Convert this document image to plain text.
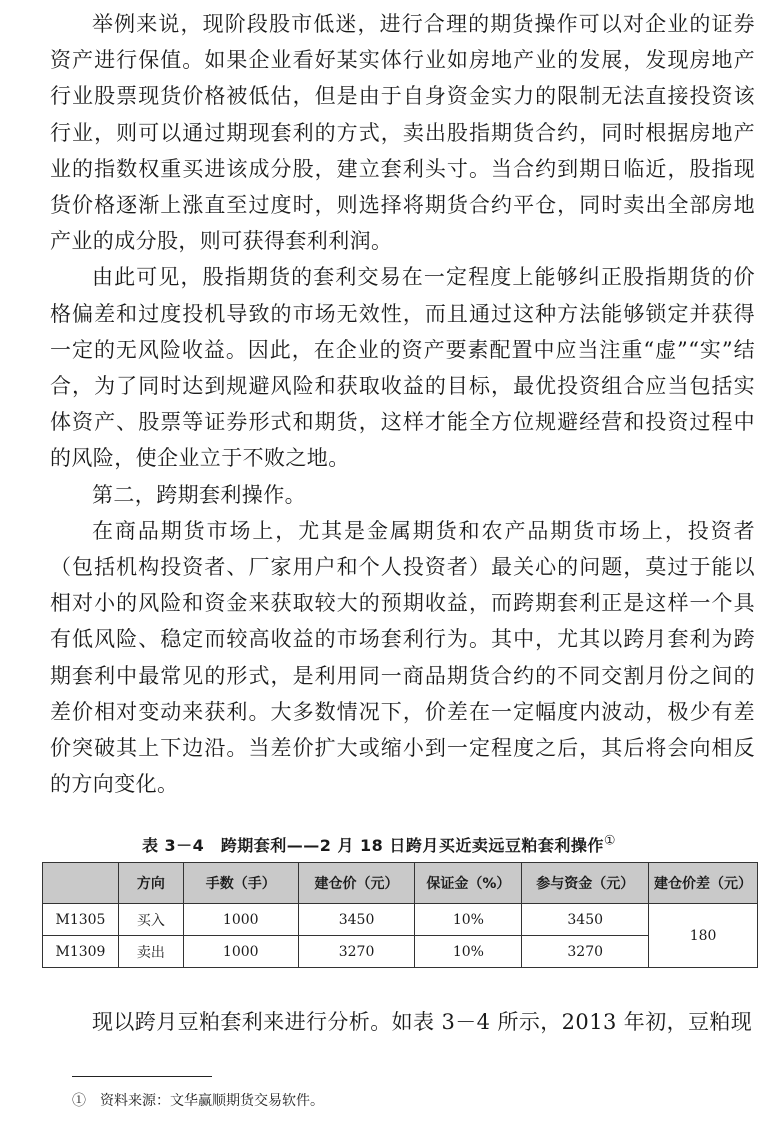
举例来说，现阶段股市低迷，进行合理的期货操作可以对企业的证券资产进行保值。如果企业看好某实体行业如房地产业的发展，发现房地产行业股票现货价格被低估，但是由于自身资金实力的限制无法直接投资该行业，则可以通过期现套利的方式，卖出股指期货合约，同时根据房地产业的指数权重买进该成分股，建立套利头寸。当合约到期日临近，股指现货价格逐渐上涨直至过度时，则选择将期货合约平仓，同时卖出全部房地产业的成分股，则可获得套利利润。

由此可见，股指期货的套利交易在一定程度上能够纠正股指期货的价格偏差和过度投机导致的市场无效性，而且通过这种方法能够锁定并获得一定的无风险收益。因此，在企业的资产要素配置中应当注重“虚”“实”结合，为了同时达到规避风险和获取收益的目标，最优投资组合应当包括实体资产、股票等证券形式和期货，这样才能全方位规避经营和投资过程中的风险，使企业立于不败之地。

第二，跨期套利操作。

在商品期货市场上，尤其是金属期货和农产品期货市场上，投资者（包括机构投资者、厂家用户和个人投资者）最关心的问题，莫过于能以相对小的风险和资金来获取较大的预期收益，而跨期套利正是这样一个具有低风险、稳定而较高收益的市场套利行为。其中，尤其以跨月套利为跨期套利中最常见的形式，是利用同一商品期货合约的不同交割月份之间的差价相对变动来获利。大多数情况下，价差在一定幅度内波动，极少有差价突破其上下边沿。当差价扩大或缩小到一定程度之后，其后将会向相反的方向变化。

表 3－4　跨期套利——2 月 18 日跨月买近卖远豆粕套利操作①
	方向	手数（手）	建仓价（元）	保证金（%）	参与资金（元）	建仓价差（元）
M1305	买入	1000	3450	10%	3450	180
M1309	卖出	1000	3270	10%	3270	

现以跨月豆粕套利来进行分析。如表 3－4 所示，2013 年初，豆粕现

①　资料来源：文华赢顺期货交易软件。
